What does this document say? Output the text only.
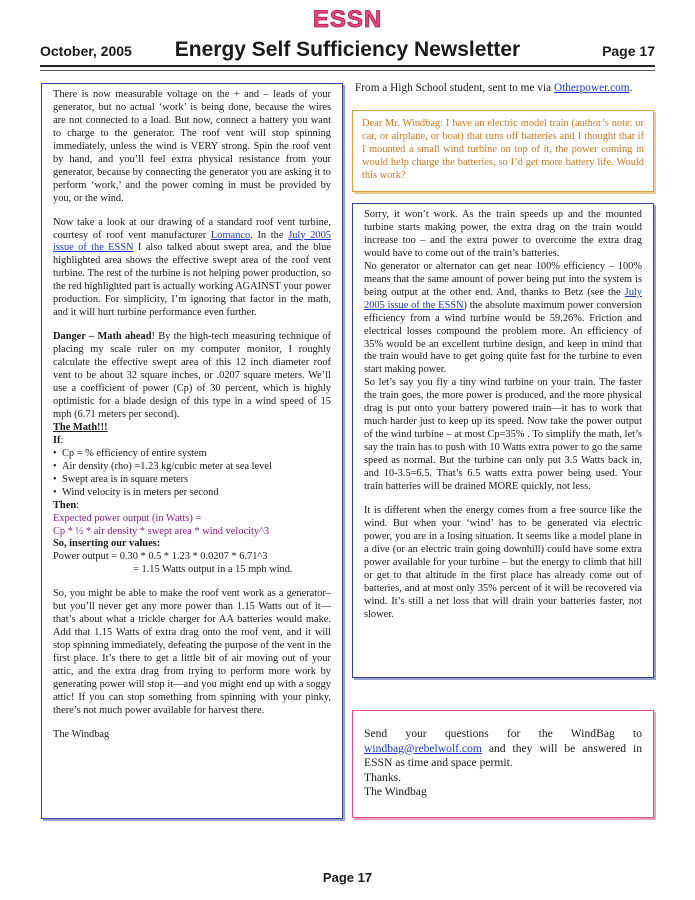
ESSN
October, 2005	Energy Self Sufficiency Newsletter	Page 17

There is now measurable voltage on the + and – leads of your generator, but no actual ‘work’ is being done, because the wires are not connected to a load. But now, connect a battery you want to charge to the generator. The roof vent will stop spinning immediately, unless the wind is VERY strong. Spin the roof vent by hand, and you’ll feel extra physical resistance from your generator, because by connecting the generator you are asking it to perform ‘work,’ and the power coming in must be provided by you, or the wind.

Now take a look at our drawing of a standard roof vent turbine, courtesy of roof vent manufacturer Lomanco. In the July 2005 issue of the ESSN I also talked about swept area, and the blue highlighted area shows the effective swept area of the roof vent turbine. The rest of the turbine is not helping power production, so the red highlighted part is actually working AGAINST your power production. For simplicity, I’m ignoring that factor in the math, and it will hurt turbine performance even further.

Danger – Math ahead! By the high-tech measuring technique of placing my scale ruler on my computer monitor, I roughly calculate the effective swept area of this 12 inch diameter roof vent to be about 32 square inches, or .0207 square meters. We’ll use a coefficient of power (Cp) of 30 percent, which is highly optimistic for a blade design of this type in a wind speed of 15 mph (6.71 meters per second).

The Math!!!

If:

• Cp = % efficiency of entire system
• Air density (rho) =1.23 kg/cubic meter at sea level
• Swept area is in square meters
• Wind velocity is in meters per second

Then:

Expected power output (in Watts) =

Cp * ½ * air density * swept area * wind velocity^3

So, inserting our values:

Power output = 0.30 * 0.5 * 1.23 * 0.0207 * 6.71^3

= 1.15 Watts output in a 15 mph wind.

So, you might be able to make the roof vent work as a generator– but you’ll never get any more power than 1.15 Watts out of it—that’s about what a trickle charger for AA batteries would make. Add that 1.15 Watts of extra drag onto the roof vent, and it will stop spinning immediately, defeating the purpose of the vent in the first place. It’s there to get a little bit of air moving out of your attic, and the extra drag from trying to perform more work by generating power will stop it—and you might end up with a soggy attic! If you can stop something from spinning with your pinky, there’s not much power available for harvest there.

The Windbag

From a High School student, sent to me via Otherpower.com.

Dear Mr. Windbag: I have an electric model train (author’s note: or car, or airplane, or boat) that runs off batteries and I thought that if I mounted a small wind turbine on top of it, the power coming in would help charge the batteries, so I’d get more battery life. Would this work?

Sorry, it won’t work. As the train speeds up and the mounted turbine starts making power, the extra drag on the train would increase too – and the extra power to overcome the extra drag would have to come out of the train’s batteries.

No generator or alternator can get near 100% efficiency – 100% means that the same amount of power being put into the system is being output at the other end. And, thanks to Betz (see the July 2005 issue of the ESSN) the absolute maximum power conversion efficiency from a wind turbine would be 59.26%. Friction and electrical losses compound the problem more. An efficiency of 35% would be an excellent turbine design, and keep in mind that the train would have to get going quite fast for the turbine to even start making power.

So let’s say you fly a tiny wind turbine on your train. The faster the train goes, the more power is produced, and the more physical drag is put onto your battery powered train—it has to work that much harder just to keep up its speed. Now take the power output of the wind turbine – at most Cp=35% . To simplify the math, let’s say the train has to push with 10 Watts extra power to go the same speed as normal. But the turbine can only put 3.5 Watts back in, and 10-3.5=6.5. That’s 6.5 watts extra power being used. Your train batteries will be drained MORE quickly, not less.

It is different when the energy comes from a free source like the wind. But when your ‘wind’ has to be generated via electric power, you are in a losing situation. It seems like a model plane in a dive (or an electric train going downhill) could have some extra power available for your turbine – but the energy to climb that hill or get to that altitude in the first place has already come out of batteries, and at most only 35% percent of it will be recovered via wind. It’s still a net loss that will drain your batteries faster, not slower.

Send your questions for the WindBag to windbag@rebelwolf.com and they will be answered in ESSN as time and space permit.

Thanks.

The Windbag

Page 17
